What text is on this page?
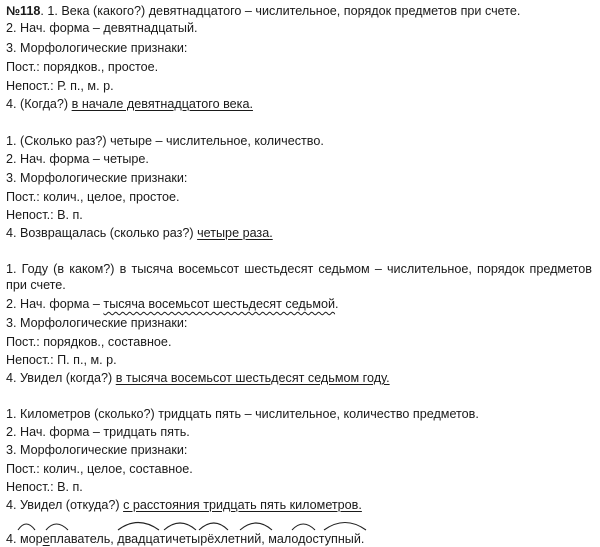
№118. 1. Века (какого?) девятнадцатого – числительное, порядок предметов при счете.
2. Нач. форма – девятнадцатый.
3. Морфологические признаки:
Пост.: порядков., простое.
Непост.: Р. п., м. р.
4. (Когда?) в начале девятнадцатого века.
1. (Сколько раз?) четыре – числительное, количество.
2. Нач. форма – четыре.
3. Морфологические признаки:
Пост.: колич., целое, простое.
Непост.: В. п.
4. Возвращалась (сколько раз?) четыре раза.
1. Году (в каком?) в тысяча восемьсот шестьдесят седьмом – числительное, порядок предметов при счете.
2. Нач. форма – тысяча восемьсот шестьдесят седьмой.
3. Морфологические признаки:
Пост.: порядков., составное.
Непост.: П. п., м. р.
4. Увидел (когда?) в тысяча восемьсот шестьдесят седьмом году.
1. Километров (сколько?) тридцать пять – числительное, количество предметов.
2. Нач. форма – тридцать пять.
3. Морфологические признаки:
Пост.: колич., целое, составное.
Непост.: В. п.
4. Увидел (откуда?) с расстояния тридцать пять километров.
4. мореплаватель, двадцатичетырёхлетний, малодоступный.
